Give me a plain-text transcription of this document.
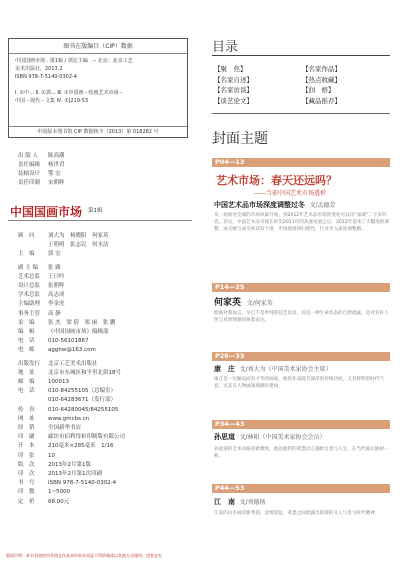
图书在版编目（CIP）数据
中国国画市场 . 第1辑 / 郭宏主编 . -- 北京：北京工艺
美术出版社，2013.2
ISBN 978-7-5140-0302-4

Ⅰ. ①中… Ⅱ. ①郭… Ⅲ. ①中国画－绘画艺术市场－
中国－现代－文集 Ⅳ. ①J219-53
中国版本图书馆 CIP 数据核字（2013）第 018282 号
出 版 人	陈高潮
责任编辑	杨世君
装帧设计	鄂 宏
责任印制	宋朝晖
中国国画市场 第1辑
顾　问	刘大为　杨晓阳　何家英
王明明　张志民　何水法
主　编	郭 宏
副 主 编	张 路
艺术总监	王曰吟
设计总监	张朝晖
学术总监	高志成
主编助理	李金虎
事务主管	高 静
采　编	张 杰　梁 倩　郑 丽　张 鹏
编　辑	《中国国画市场》编辑部
电　话	010-56101867
电　邮	agghw@163.com
出版发行	北京工艺美术出版社
地　址	北京市东城区和平里北街18号
邮　编	100013
电　话	010-84255105（总编室）
010-64283671（发行部）
传　真	010-64280045/84255105
网　址	www.gmcbs.cn
经　销	全国新华书店
印　刷	廊坊市佰利得彩印制版有限公司
开　本	210毫米×285毫米　1/16
印　张	10
版　次	2013年2月第1版
印　次	2013年2月第1次印刷
书　号	ISBN 978-7-5140-0302-4
印　数	1~5000
定　价	68.00元
版权声明：本书刊登的所有图文作品未经本社同意不得转载或以其他方式使用，违者必究
目录
【聚　焦】	【名家作品】
【名家自述】	【热点收藏】
【名家访谈】	【润　格】
【谈艺论文】	【藏品推荐】
封面主题
P04—13
艺术市场：春天还远吗？
——当前中国艺术市场透析
中国艺术品市场深度调整过冬 文/孟德芳
从一场席卷全球的市场风暴开始，到2012年艺术品市场的变化可以用“深调”二字来形容。其实，中国艺术品市场在经历2011年的高速发展之后，2012年迎来了大幅度的调整，成交额与成交率双双下滑，市场逐渐回归理性，行业步入深度调整期。
P14—25
何家英 文/何家英
绘画对我而言，早已不是单纯的技艺追求，而是一种生命状态的自然流露，是对美好人性与真挚情感的执着表达。
P26—33
康　庄 文/刘大为（中国美术家协会主席）
康庄是一位勤奋而有才华的画家，他的作品既有深厚的传统功底，又有鲜明的时代气息，尤其在人物画领域颇有建树。
P34—43
孙思道 文/林阳（中国美术家协会会员）
孙思道的艺术风格清新雅致，他以独特的笔墨语言描绘自然与人生，在当代画坛独树一帜。
P44—53
江　南 文/刘德扬
江南的山水画清新秀润，意境深远，笔墨之间流露出浓郁的文人气息与时代精神。
